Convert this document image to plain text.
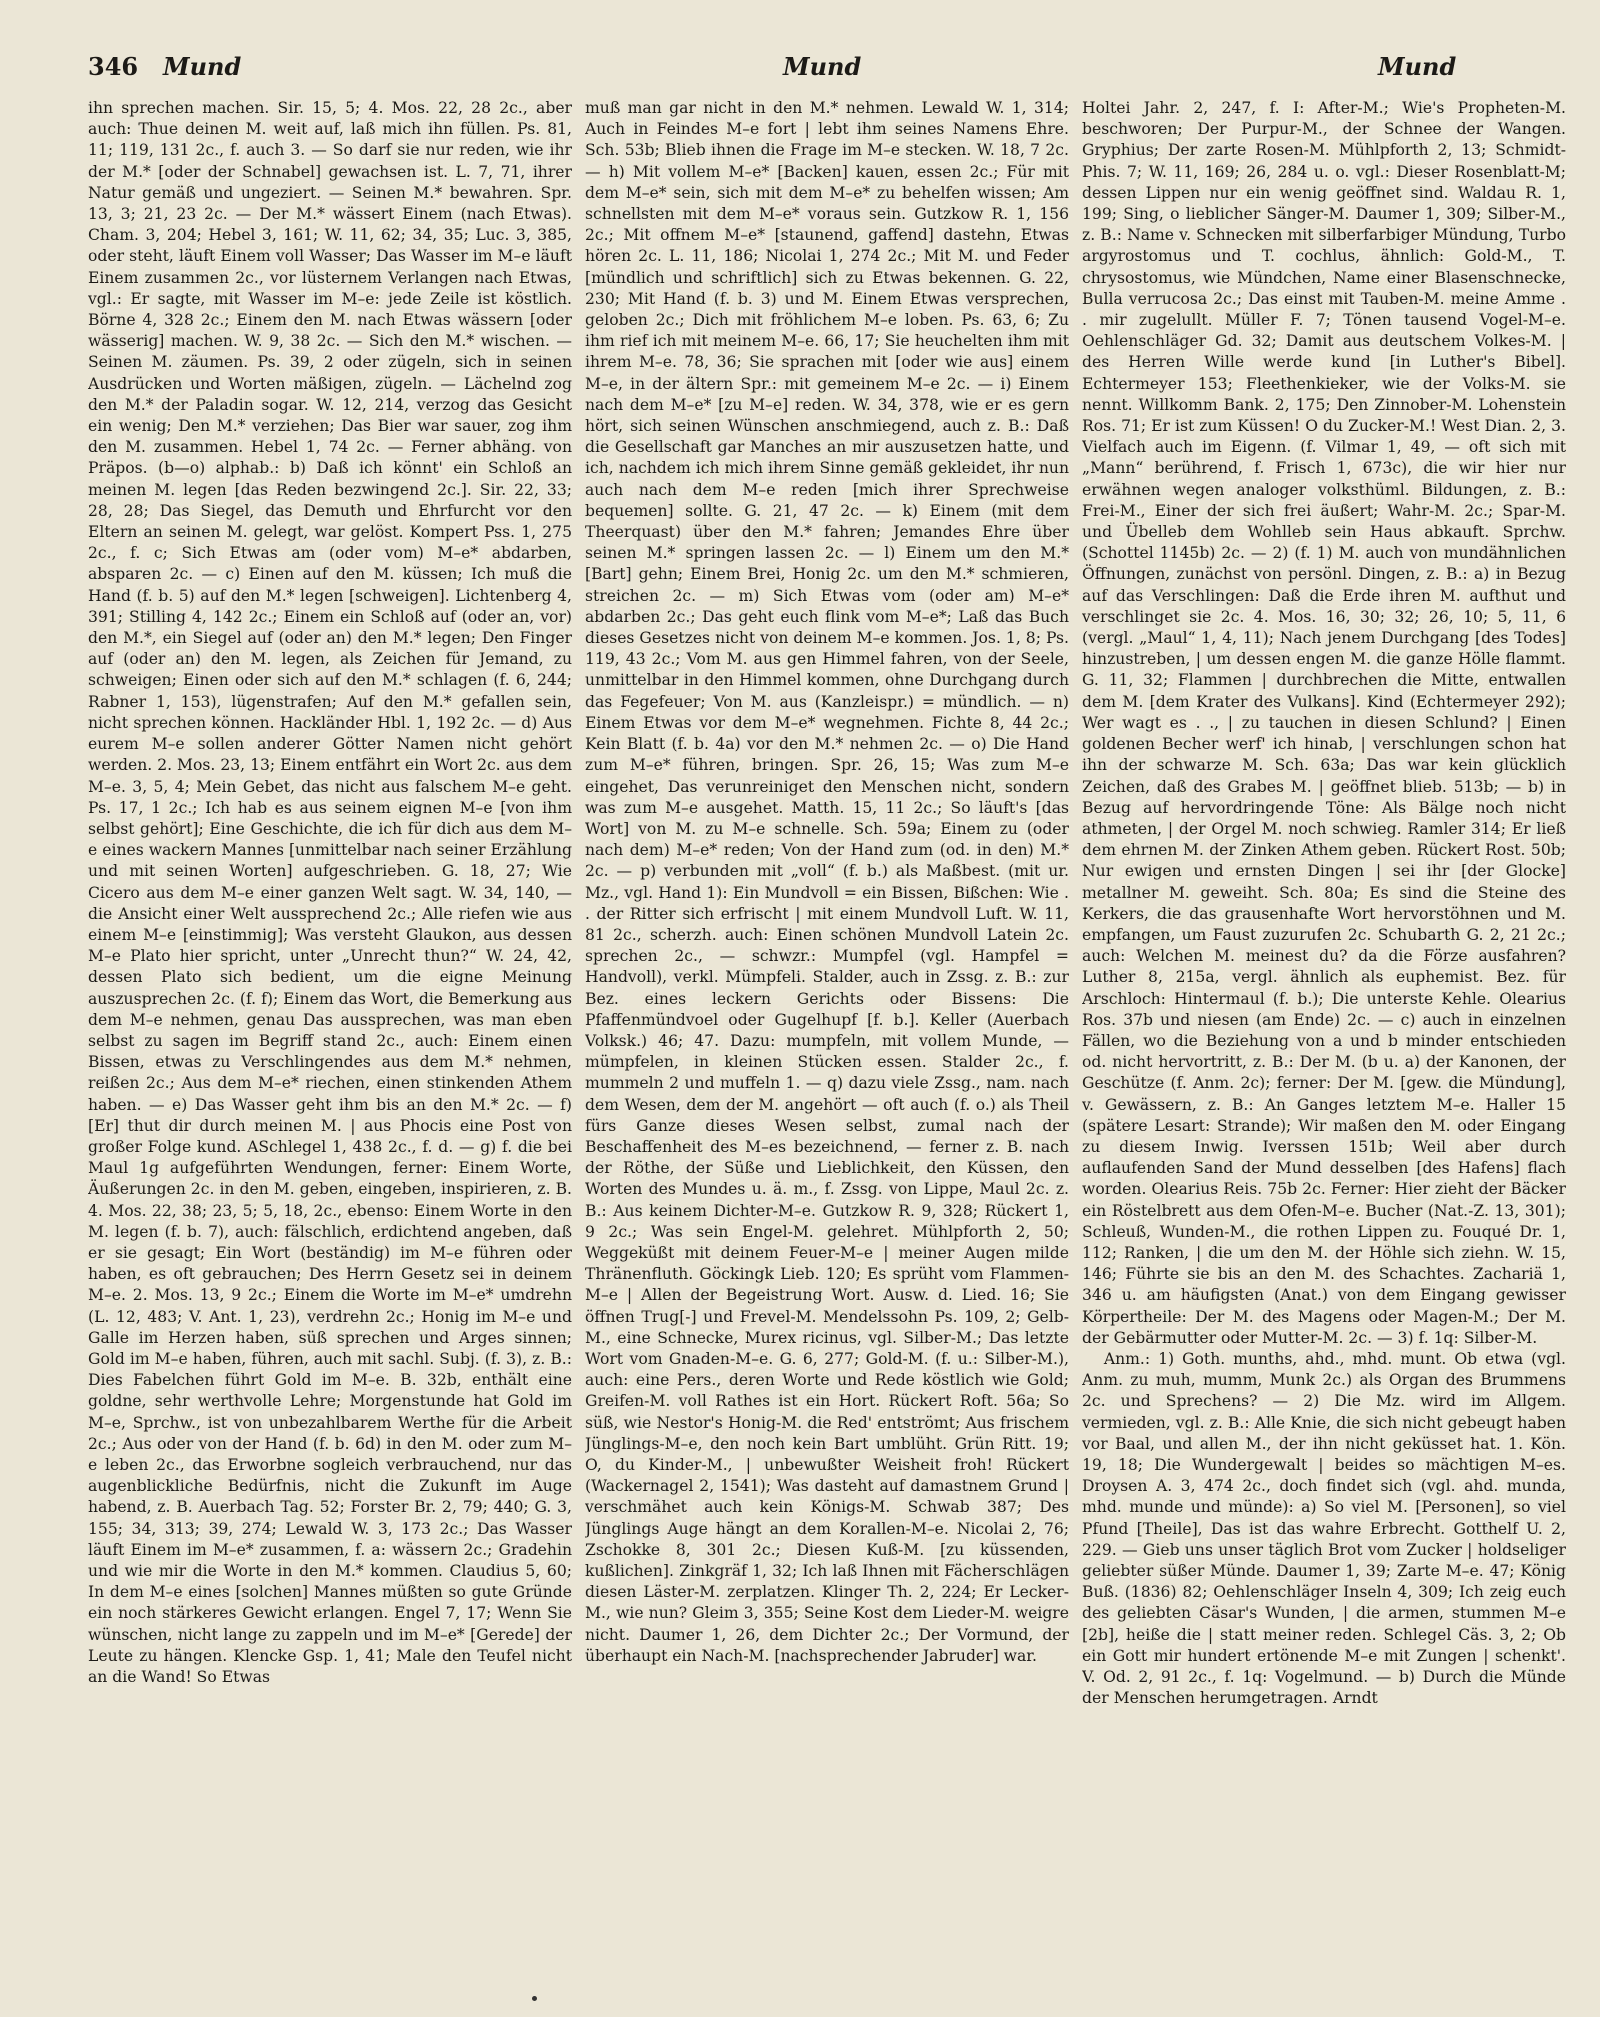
346 Mund	Mund	Mund

ihn sprechen machen. Sir. 15, 5; 4. Mos. 22, 28 2c., aber auch: Thue deinen M. weit auf, laß mich ihn füllen. Ps. 81, 11; 119, 131 2c., f. auch 3. — So darf sie nur reden, wie ihr der M.* [oder der Schnabel] gewachsen ist. L. 7, 71, ihrer Natur gemäß und ungeziert. — Seinen M.* bewahren. Spr. 13, 3; 21, 23 2c. — Der M.* wässert Einem (nach Etwas). Cham. 3, 204; Hebel 3, 161; W. 11, 62; 34, 35; Luc. 3, 385, oder steht, läuft Einem voll Wasser; Das Wasser im M–e läuft Einem zusammen 2c., vor lüsternem Verlangen nach Etwas, vgl.: Er sagte, mit Wasser im M–e: jede Zeile ist köstlich. Börne 4, 328 2c.; Einem den M. nach Etwas wässern [oder wässerig] machen. W. 9, 38 2c. — Sich den M.* wischen. — Seinen M. zäumen. Ps. 39, 2 oder zügeln, sich in seinen Ausdrücken und Worten mäßigen, zügeln. — Lächelnd zog den M.* der Paladin sogar. W. 12, 214, verzog das Gesicht ein wenig; Den M.* verziehen; Das Bier war sauer, zog ihm den M. zusammen. Hebel 1, 74 2c. — Ferner abhäng. von Präpos. (b—o) alphab.: b) Daß ich könnt' ein Schloß an meinen M. legen [das Reden bezwingend 2c.]. Sir. 22, 33; 28, 28; Das Siegel, das Demuth und Ehrfurcht vor den Eltern an seinen M. gelegt, war gelöst. Kompert Pss. 1, 275 2c., f. c; Sich Etwas am (oder vom) M–e* abdarben, absparen 2c. — c) Einen auf den M. küssen; Ich muß die Hand (f. b. 5) auf den M.* legen [schweigen]. Lichtenberg 4, 391; Stilling 4, 142 2c.; Einem ein Schloß auf (oder an, vor) den M.*, ein Siegel auf (oder an) den M.* legen; Den Finger auf (oder an) den M. legen, als Zeichen für Jemand, zu schweigen; Einen oder sich auf den M.* schlagen (f. 6, 244; Rabner 1, 153), lügenstrafen; Auf den M.* gefallen sein, nicht sprechen können. Hackländer Hbl. 1, 192 2c. — d) Aus eurem M–e sollen anderer Götter Namen nicht gehört werden. 2. Mos. 23, 13; Einem entfährt ein Wort 2c. aus dem M–e. 3, 5, 4; Mein Gebet, das nicht aus falschem M–e geht. Ps. 17, 1 2c.; Ich hab es aus seinem eignen M–e [von ihm selbst gehört]; Eine Geschichte, die ich für dich aus dem M–e eines wackern Mannes [unmittelbar nach seiner Erzählung und mit seinen Worten] aufgeschrieben. G. 18, 27; Wie Cicero aus dem M–e einer ganzen Welt sagt. W. 34, 140, — die Ansicht einer Welt aussprechend 2c.; Alle riefen wie aus einem M–e [einstimmig]; Was versteht Glaukon, aus dessen M–e Plato hier spricht, unter „Unrecht thun?“ W. 24, 42, dessen Plato sich bedient, um die eigne Meinung auszusprechen 2c. (f. f); Einem das Wort, die Bemerkung aus dem M–e nehmen, genau Das aussprechen, was man eben selbst zu sagen im Begriff stand 2c., auch: Einem einen Bissen, etwas zu Verschlingendes aus dem M.* nehmen, reißen 2c.; Aus dem M–e* riechen, einen stinkenden Athem haben. — e) Das Wasser geht ihm bis an den M.* 2c. — f) [Er] thut dir durch meinen M. | aus Phocis eine Post von großer Folge kund. ASchlegel 1, 438 2c., f. d. — g) f. die bei Maul 1g aufgeführten Wendungen, ferner: Einem Worte, Äußerungen 2c. in den M. geben, eingeben, inspirieren, z. B. 4. Mos. 22, 38; 23, 5; 5, 18, 2c., ebenso: Einem Worte in den M. legen (f. b. 7), auch: fälschlich, erdichtend angeben, daß er sie gesagt; Ein Wort (beständig) im M–e führen oder haben, es oft gebrauchen; Des Herrn Gesetz sei in deinem M–e. 2. Mos. 13, 9 2c.; Einem die Worte im M–e* umdrehn (L. 12, 483; V. Ant. 1, 23), verdrehn 2c.; Honig im M–e und Galle im Herzen haben, süß sprechen und Arges sinnen; Gold im M–e haben, führen, auch mit sachl. Subj. (f. 3), z. B.: Dies Fabelchen führt Gold im M–e. B. 32b, enthält eine goldne, sehr werthvolle Lehre; Morgenstunde hat Gold im M–e, Sprchw., ist von unbezahlbarem Werthe für die Arbeit 2c.; Aus oder von der Hand (f. b. 6d) in den M. oder zum M–e leben 2c., das Erworbne sogleich verbrauchend, nur das augenblickliche Bedürfnis, nicht die Zukunft im Auge habend, z. B. Auerbach Tag. 52; Forster Br. 2, 79; 440; G. 3, 155; 34, 313; 39, 274; Lewald W. 3, 173 2c.; Das Wasser läuft Einem im M–e* zusammen, f. a: wässern 2c.; Gradehin und wie mir die Worte in den M.* kommen. Claudius 5, 60; In dem M–e eines [solchen] Mannes müßten so gute Gründe ein noch stärkeres Gewicht erlangen. Engel 7, 17; Wenn Sie wünschen, nicht lange zu zappeln und im M–e* [Gerede] der Leute zu hängen. Klencke Gsp. 1, 41; Male den Teufel nicht an die Wand! So Etwas

muß man gar nicht in den M.* nehmen. Lewald W. 1, 314; Auch in Feindes M–e fort | lebt ihm seines Namens Ehre. Sch. 53b; Blieb ihnen die Frage im M–e stecken. W. 18, 7 2c. — h) Mit vollem M–e* [Backen] kauen, essen 2c.; Für mit dem M–e* sein, sich mit dem M–e* zu behelfen wissen; Am schnellsten mit dem M–e* voraus sein. Gutzkow R. 1, 156 2c.; Mit offnem M–e* [staunend, gaffend] dastehn, Etwas hören 2c. L. 11, 186; Nicolai 1, 274 2c.; Mit M. und Feder [mündlich und schriftlich] sich zu Etwas bekennen. G. 22, 230; Mit Hand (f. b. 3) und M. Einem Etwas versprechen, geloben 2c.; Dich mit fröhlichem M–e loben. Ps. 63, 6; Zu ihm rief ich mit meinem M–e. 66, 17; Sie heuchelten ihm mit ihrem M–e. 78, 36; Sie sprachen mit [oder wie aus] einem M–e, in der ältern Spr.: mit gemeinem M–e 2c. — i) Einem nach dem M–e* [zu M–e] reden. W. 34, 378, wie er es gern hört, sich seinen Wünschen anschmiegend, auch z. B.: Daß die Gesellschaft gar Manches an mir auszusetzen hatte, und ich, nachdem ich mich ihrem Sinne gemäß gekleidet, ihr nun auch nach dem M–e reden [mich ihrer Sprechweise bequemen] sollte. G. 21, 47 2c. — k) Einem (mit dem Theerquast) über den M.* fahren; Jemandes Ehre über seinen M.* springen lassen 2c. — l) Einem um den M.* [Bart] gehn; Einem Brei, Honig 2c. um den M.* schmieren, streichen 2c. — m) Sich Etwas vom (oder am) M–e* abdarben 2c.; Das geht euch flink vom M–e*; Laß das Buch dieses Gesetzes nicht von deinem M–e kommen. Jos. 1, 8; Ps. 119, 43 2c.; Vom M. aus gen Himmel fahren, von der Seele, unmittelbar in den Himmel kommen, ohne Durchgang durch das Fegefeuer; Von M. aus (Kanzleispr.) = mündlich. — n) Einem Etwas vor dem M–e* wegnehmen. Fichte 8, 44 2c.; Kein Blatt (f. b. 4a) vor den M.* nehmen 2c. — o) Die Hand zum M–e* führen, bringen. Spr. 26, 15; Was zum M–e eingehet, Das verunreiniget den Menschen nicht, sondern was zum M–e ausgehet. Matth. 15, 11 2c.; So läuft's [das Wort] von M. zu M–e schnelle. Sch. 59a; Einem zu (oder nach dem) M–e* reden; Von der Hand zum (od. in den) M.* 2c. — p) verbunden mit „voll“ (f. b.) als Maßbest. (mit ur. Mz., vgl. Hand 1): Ein Mundvoll = ein Bissen, Bißchen: Wie . . der Ritter sich erfrischt | mit einem Mundvoll Luft. W. 11, 81 2c., scherzh. auch: Einen schönen Mundvoll Latein 2c. sprechen 2c., — schwzr.: Mumpfel (vgl. Hampfel = Handvoll), verkl. Mümpfeli. Stalder, auch in Zssg. z. B.: zur Bez. eines leckern Gerichts oder Bissens: Die Pfaffenmündvoel oder Gugelhupf [f. b.]. Keller (Auerbach Volksk.) 46; 47. Dazu: mumpfeln, mit vollem Munde, — mümpfelen, in kleinen Stücken essen. Stalder 2c., f. mummeln 2 und muffeln 1. — q) dazu viele Zssg., nam. nach dem Wesen, dem der M. angehört — oft auch (f. o.) als Theil fürs Ganze dieses Wesen selbst, zumal nach der Beschaffenheit des M–es bezeichnend, — ferner z. B. nach der Röthe, der Süße und Lieblichkeit, den Küssen, den Worten des Mundes u. ä. m., f. Zssg. von Lippe, Maul 2c. z. B.: Aus keinem Dichter-M–e. Gutzkow R. 9, 328; Rückert 1, 9 2c.; Was sein Engel-M. gelehret. Mühlpforth 2, 50; Weggeküßt mit deinem Feuer-M–e | meiner Augen milde Thränenfluth. Göckingk Lieb. 120; Es sprüht vom Flammen-M–e | Allen der Begeistrung Wort. Ausw. d. Lied. 16; Sie öffnen Trug[-] und Frevel-M. Mendelssohn Ps. 109, 2; Gelb-M., eine Schnecke, Murex ricinus, vgl. Silber-M.; Das letzte Wort vom Gnaden-M–e. G. 6, 277; Gold-M. (f. u.: Silber-M.), auch: eine Pers., deren Worte und Rede köstlich wie Gold; Greifen-M. voll Rathes ist ein Hort. Rückert Roft. 56a; So süß, wie Nestor's Honig-M. die Red' entströmt; Aus frischem Jünglings-M–e, den noch kein Bart umblüht. Grün Ritt. 19; O, du Kinder-M., | unbewußter Weisheit froh! Rückert (Wackernagel 2, 1541); Was dasteht auf damastnem Grund | verschmähet auch kein Königs-M. Schwab 387; Des Jünglings Auge hängt an dem Korallen-M–e. Nicolai 2, 76; Zschokke 8, 301 2c.; Diesen Kuß-M. [zu küssenden, kußlichen]. Zinkgräf 1, 32; Ich laß Ihnen mit Fächerschlägen diesen Läster-M. zerplatzen. Klinger Th. 2, 224; Er Lecker-M., wie nun? Gleim 3, 355; Seine Kost dem Lieder-M. weigre nicht. Daumer 1, 26, dem Dichter 2c.; Der Vormund, der überhaupt ein Nach-M. [nachsprechender Jabruder] war.

Holtei Jahr. 2, 247, f. I: After-M.; Wie's Propheten-M. beschworen; Der Purpur-M., der Schnee der Wangen. Gryphius; Der zarte Rosen-M. Mühlpforth 2, 13; Schmidt-Phis. 7; W. 11, 169; 26, 284 u. o. vgl.: Dieser Rosenblatt-M; dessen Lippen nur ein wenig geöffnet sind. Waldau R. 1, 199; Sing, o lieblicher Sänger-M. Daumer 1, 309; Silber-M., z. B.: Name v. Schnecken mit silberfarbiger Mündung, Turbo argyrostomus und T. cochlus, ähnlich: Gold-M., T. chrysostomus, wie Mündchen, Name einer Blasenschnecke, Bulla verrucosa 2c.; Das einst mit Tauben-M. meine Amme . . mir zugelullt. Müller F. 7; Tönen tausend Vogel-M–e. Oehlenschläger Gd. 32; Damit aus deutschem Volkes-M. | des Herren Wille werde kund [in Luther's Bibel]. Echtermeyer 153; Fleethenkieker, wie der Volks-M. sie nennt. Willkomm Bank. 2, 175; Den Zinnober-M. Lohenstein Ros. 71; Er ist zum Küssen! O du Zucker-M.! West Dian. 2, 3. Vielfach auch im Eigenn. (f. Vilmar 1, 49, — oft sich mit „Mann“ berührend, f. Frisch 1, 673c), die wir hier nur erwähnen wegen analoger volksthüml. Bildungen, z. B.: Frei-M., Einer der sich frei äußert; Wahr-M. 2c.; Spar-M. und Übelleb dem Wohlleb sein Haus abkauft. Sprchw. (Schottel 1145b) 2c. — 2) (f. 1) M. auch von mundähnlichen Öffnungen, zunächst von persönl. Dingen, z. B.: a) in Bezug auf das Verschlingen: Daß die Erde ihren M. aufthut und verschlinget sie 2c. 4. Mos. 16, 30; 32; 26, 10; 5, 11, 6 (vergl. „Maul“ 1, 4, 11); Nach jenem Durchgang [des Todes] hinzustreben, | um dessen engen M. die ganze Hölle flammt. G. 11, 32; Flammen | durchbrechen die Mitte, entwallen dem M. [dem Krater des Vulkans]. Kind (Echtermeyer 292); Wer wagt es . ., | zu tauchen in diesen Schlund? | Einen goldenen Becher werf' ich hinab, | verschlungen schon hat ihn der schwarze M. Sch. 63a; Das war kein glücklich Zeichen, daß des Grabes M. | geöffnet blieb. 513b; — b) in Bezug auf hervordringende Töne: Als Bälge noch nicht athmeten, | der Orgel M. noch schwieg. Ramler 314; Er ließ dem ehrnen M. der Zinken Athem geben. Rückert Rost. 50b; Nur ewigen und ernsten Dingen | sei ihr [der Glocke] metallner M. geweiht. Sch. 80a; Es sind die Steine des Kerkers, die das grausenhafte Wort hervorstöhnen und M. empfangen, um Faust zuzurufen 2c. Schubarth G. 2, 21 2c.; auch: Welchen M. meinest du? da die Förze ausfahren? Luther 8, 215a, vergl. ähnlich als euphemist. Bez. für Arschloch: Hintermaul (f. b.); Die unterste Kehle. Olearius Ros. 37b und niesen (am Ende) 2c. — c) auch in einzelnen Fällen, wo die Beziehung von a und b minder entschieden od. nicht hervortritt, z. B.: Der M. (b u. a) der Kanonen, der Geschütze (f. Anm. 2c); ferner: Der M. [gew. die Mündung], v. Gewässern, z. B.: An Ganges letztem M–e. Haller 15 (spätere Lesart: Strande); Wir maßen den M. oder Eingang zu diesem Inwig. Iverssen 151b; Weil aber durch auflaufenden Sand der Mund desselben [des Hafens] flach worden. Olearius Reis. 75b 2c. Ferner: Hier zieht der Bäcker ein Röstelbrett aus dem Ofen-M–e. Bucher (Nat.-Z. 13, 301); Schleuß, Wunden-M., die rothen Lippen zu. Fouqué Dr. 1, 112; Ranken, | die um den M. der Höhle sich ziehn. W. 15, 146; Führte sie bis an den M. des Schachtes. Zachariä 1, 346 u. am häufigsten (Anat.) von dem Eingang gewisser Körpertheile: Der M. des Magens oder Magen-M.; Der M. der Gebärmutter oder Mutter-M. 2c. — 3) f. 1q: Silber-M.

Anm.: 1) Goth. munths, ahd., mhd. munt. Ob etwa (vgl. Anm. zu muh, mumm, Munk 2c.) als Organ des Brummens 2c. und Sprechens? — 2) Die Mz. wird im Allgem. vermieden, vgl. z. B.: Alle Knie, die sich nicht gebeugt haben vor Baal, und allen M., der ihn nicht geküsset hat. 1. Kön. 19, 18; Die Wundergewalt | beides so mächtigen M–es. Droysen A. 3, 474 2c., doch findet sich (vgl. ahd. munda, mhd. munde und münde): a) So viel M. [Personen], so viel Pfund [Theile], Das ist das wahre Erbrecht. Gotthelf U. 2, 229. — Gieb uns unser täglich Brot vom Zucker | holdseliger geliebter süßer Münde. Daumer 1, 39; Zarte M–e. 47; König Buß. (1836) 82; Oehlenschläger Inseln 4, 309; Ich zeig euch des geliebten Cäsar's Wunden, | die armen, stummen M–e [2b], heiße die | statt meiner reden. Schlegel Cäs. 3, 2; Ob ein Gott mir hundert ertönende M–e mit Zungen | schenkt'. V. Od. 2, 91 2c., f. 1q: Vogelmund. — b) Durch die Münde der Menschen herumgetragen. Arndt
